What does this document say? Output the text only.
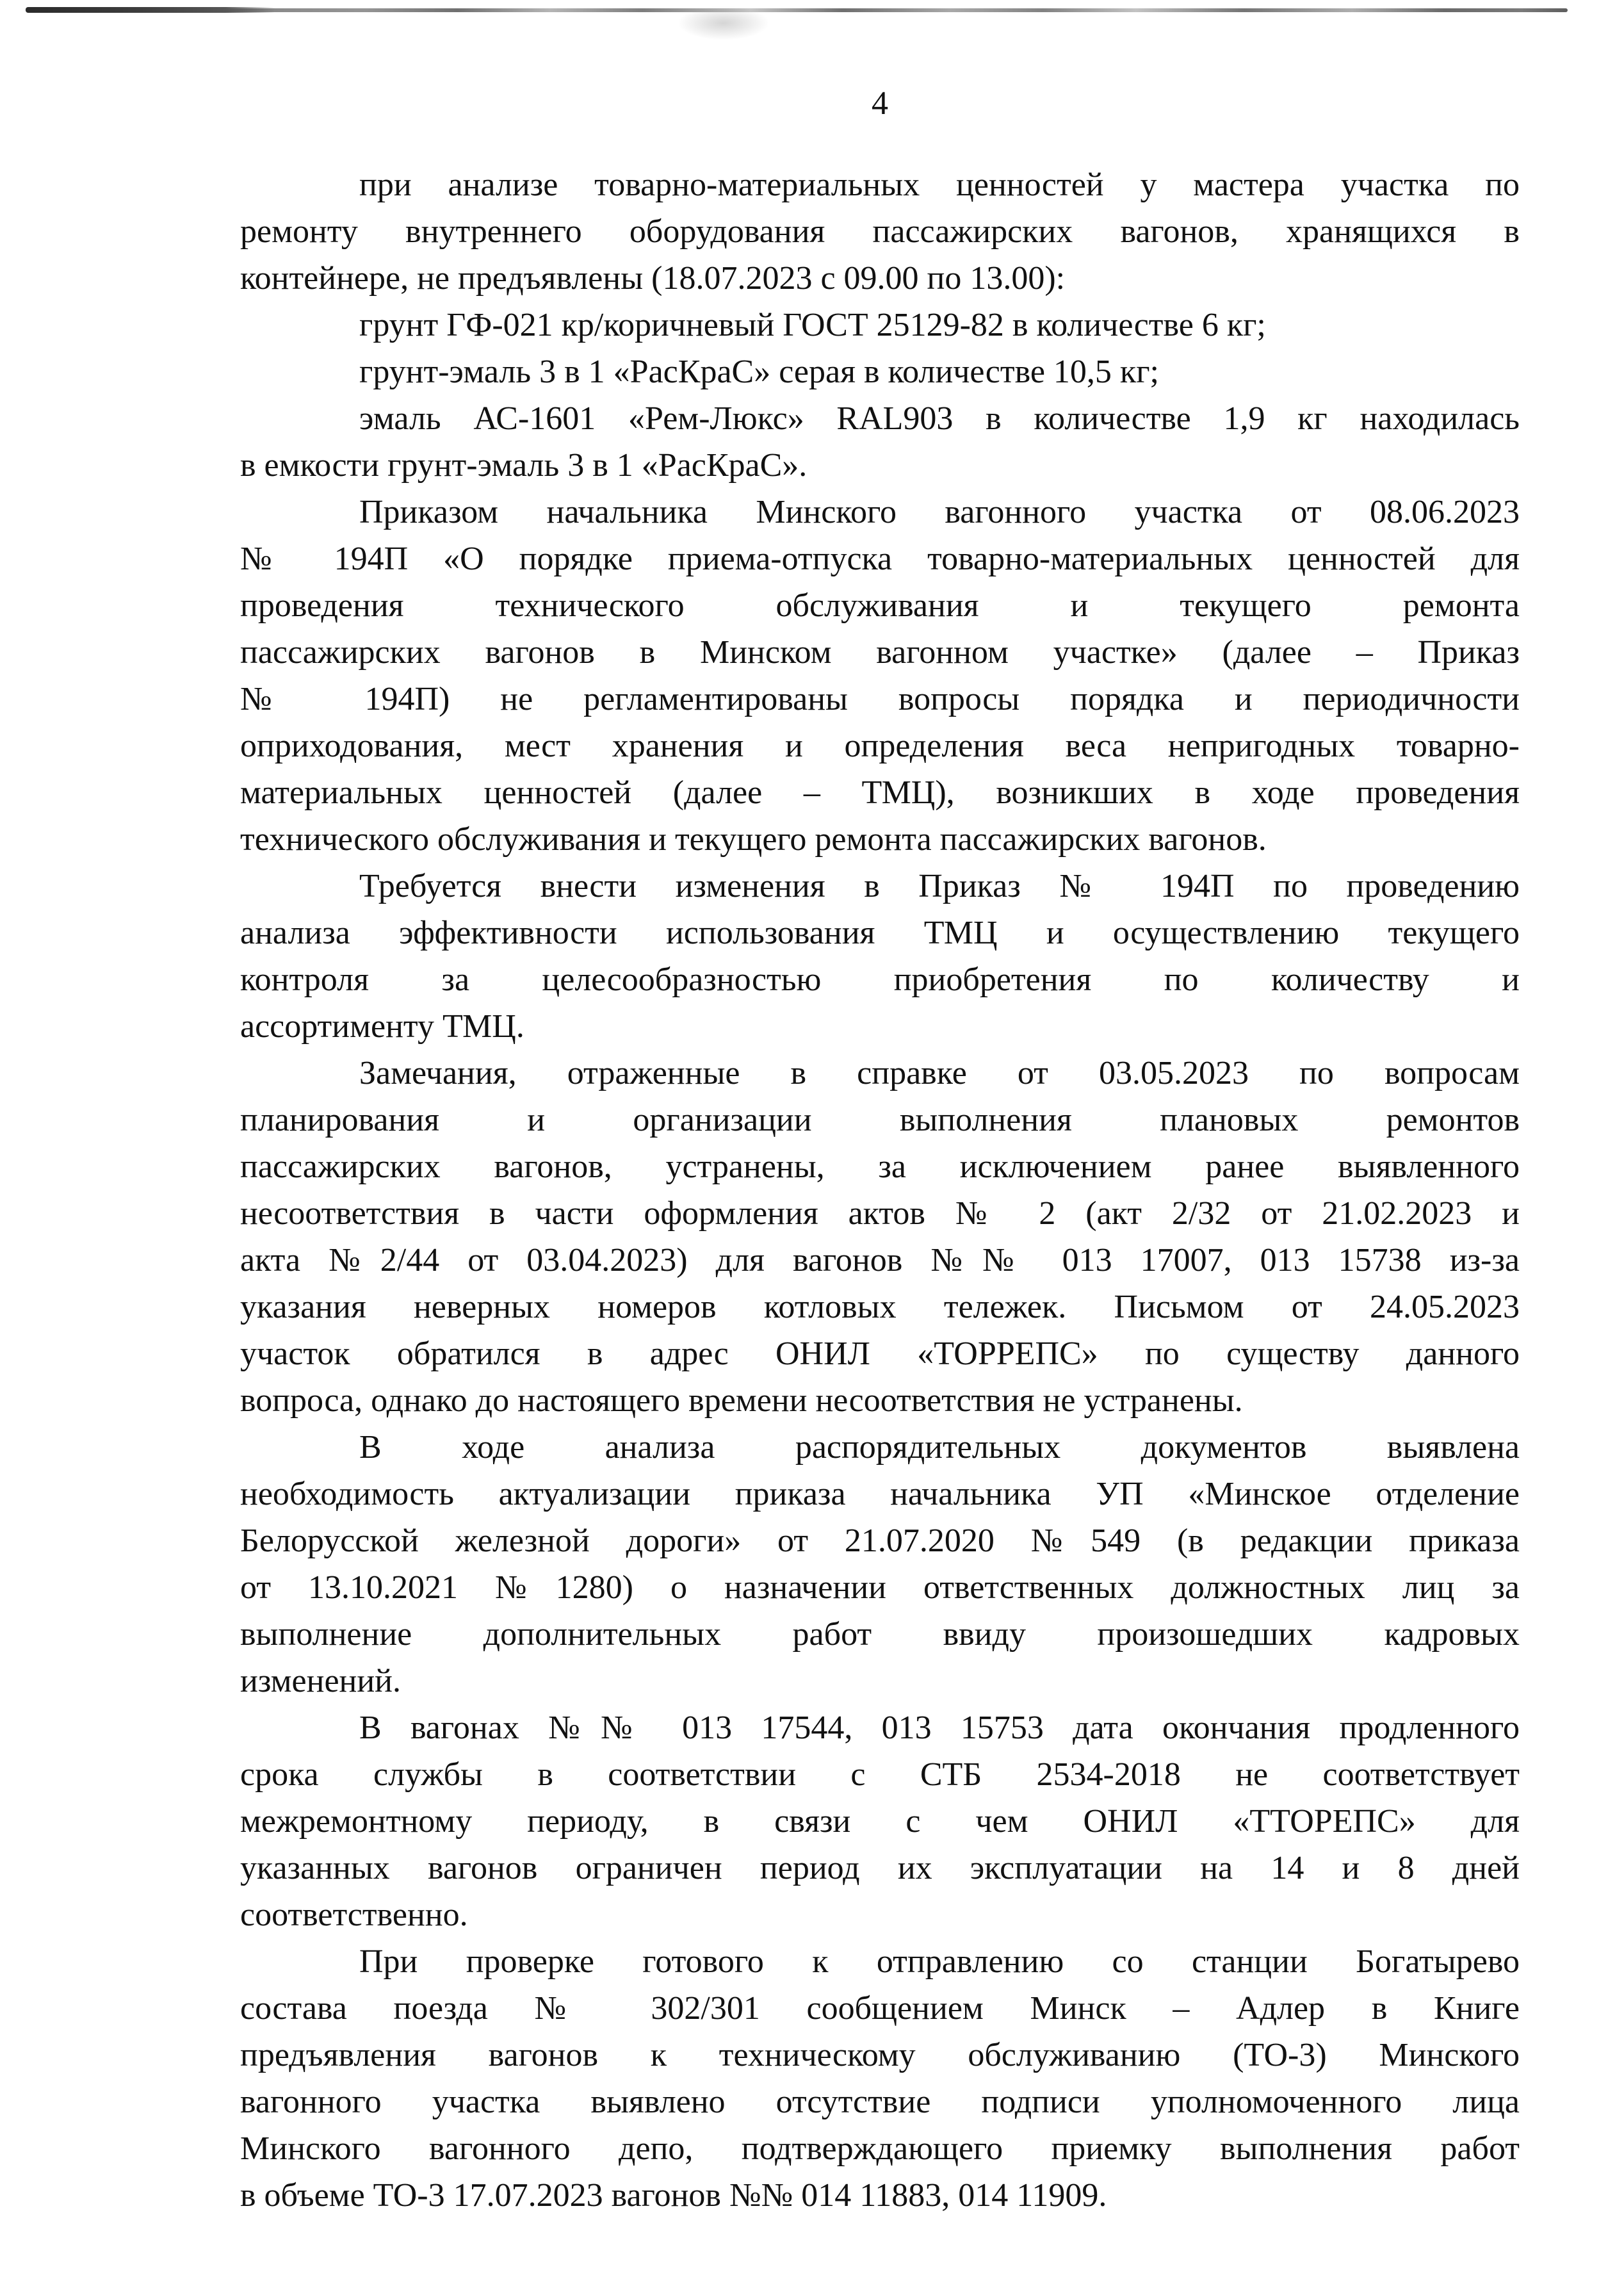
4
при анализе товарно-материальных ценностей у мастера участка по
ремонту внутреннего оборудования пассажирских вагонов, хранящихся в
контейнере, не предъявлены (18.07.2023 с 09.00 по 13.00):
грунт ГФ-021 кр/коричневый ГОСТ 25129-82 в количестве 6 кг;
грунт-эмаль 3 в 1 «РасКраС» серая в количестве 10,5 кг;
эмаль АС-1601 «Рем-Люкс» RAL903 в количестве 1,9 кг находилась
в емкости грунт-эмаль 3 в 1 «РасКраС».
Приказом начальника Минского вагонного участка от 08.06.2023
№ 194П «О порядке приема-отпуска товарно-материальных ценностей для
проведения технического обслуживания и текущего ремонта
пассажирских вагонов в Минском вагонном участке» (далее – Приказ
№ 194П) не регламентированы вопросы порядка и периодичности
оприходования, мест хранения и определения веса непригодных товарно-
материальных ценностей (далее – ТМЦ), возникших в ходе проведения
технического обслуживания и текущего ремонта пассажирских вагонов.
Требуется внести изменения в Приказ № 194П по проведению
анализа эффективности использования ТМЦ и осуществлению текущего
контроля за целесообразностью приобретения по количеству и
ассортименту ТМЦ.
Замечания, отраженные в справке от 03.05.2023 по вопросам
планирования и организации выполнения плановых ремонтов
пассажирских вагонов, устранены, за исключением ранее выявленного
несоответствия в части оформления актов № 2 (акт 2/32 от 21.02.2023 и
акта №2/44 от 03.04.2023) для вагонов №№ 013 17007, 013 15738 из-за
указания неверных номеров котловых тележек. Письмом от 24.05.2023
участок обратился в адрес ОНИЛ «ТОРРЕПС» по существу данного
вопроса, однако до настоящего времени несоответствия не устранены.
В ходе анализа распорядительных документов выявлена
необходимость актуализации приказа начальника УП «Минское отделение
Белорусской железной дороги» от 21.07.2020 №549 (в редакции приказа
от 13.10.2021 №1280) о назначении ответственных должностных лиц за
выполнение дополнительных работ ввиду произошедших кадровых
изменений.
В вагонах №№ 013 17544, 013 15753 дата окончания продленного
срока службы в соответствии с СТБ 2534-2018 не соответствует
межремонтному периоду, в связи с чем ОНИЛ «ТТОРЕПС» для
указанных вагонов ограничен период их эксплуатации на 14 и 8 дней
соответственно.
При проверке готового к отправлению со станции Богатырево
состава поезда № 302/301 сообщением Минск – Адлер в Книге
предъявления вагонов к техническому обслуживанию (ТО-3) Минского
вагонного участка выявлено отсутствие подписи уполномоченного лица
Минского вагонного депо, подтверждающего приемку выполнения работ
в объеме ТО-3 17.07.2023 вагонов №№ 014 11883, 014 11909.
